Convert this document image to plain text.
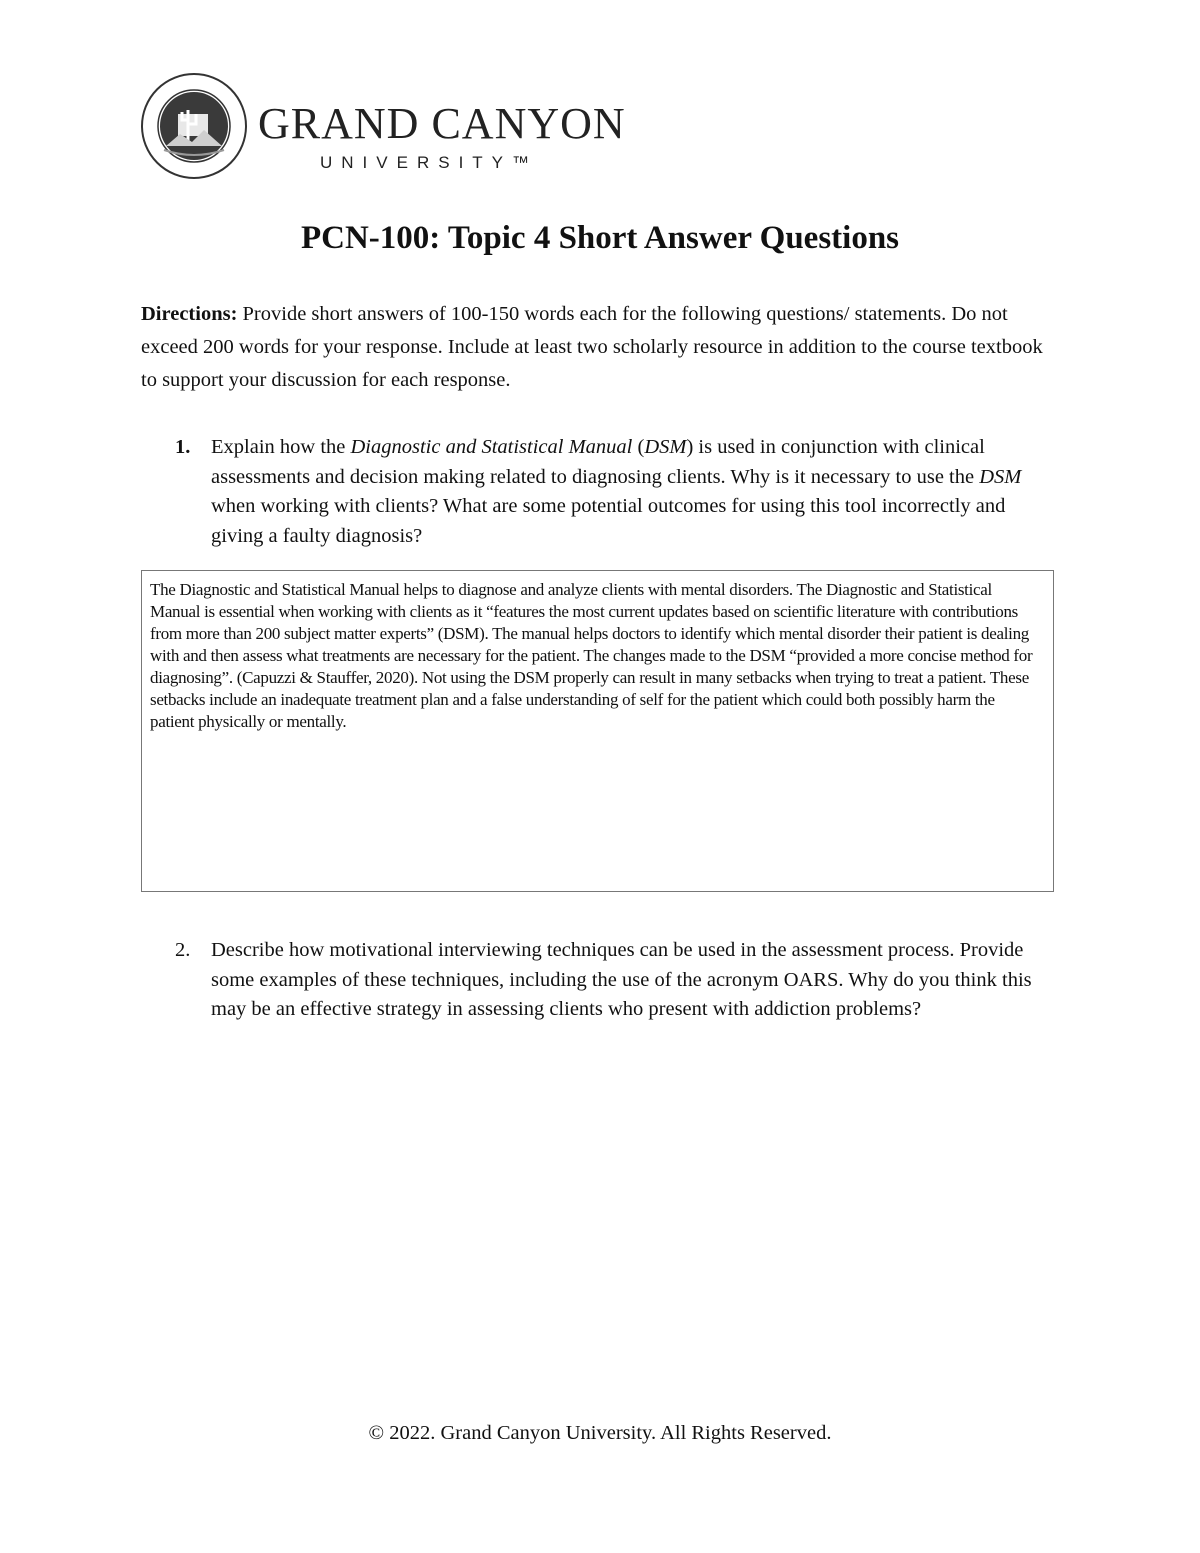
GRAND CANYON
UNIVERSITY™
PCN-100: Topic 4 Short Answer Questions
Directions: Provide short answers of 100-150 words each for the following questions/ statements. Do not exceed 200 words for your response. Include at least two scholarly resource in addition to the course textbook to support your discussion for each response.
1. Explain how the Diagnostic and Statistical Manual (DSM) is used in conjunction with clinical assessments and decision making related to diagnosing clients. Why is it necessary to use the DSM when working with clients? What are some potential outcomes for using this tool incorrectly and giving a faulty diagnosis?
The Diagnostic and Statistical Manual helps to diagnose and analyze clients with mental disorders. The Diagnostic and Statistical Manual is essential when working with clients as it “features the most current updates based on scientific literature with contributions from more than 200 subject matter experts” (DSM). The manual helps doctors to identify which mental disorder their patient is dealing with and then assess what treatments are necessary for the patient. The changes made to the DSM “provided a more concise method for diagnosing”. (Capuzzi & Stauffer, 2020). Not using the DSM properly can result in many setbacks when trying to treat a patient. These setbacks include an inadequate treatment plan and a false understanding of self for the patient which could both possibly harm the patient physically or mentally.
2. Describe how motivational interviewing techniques can be used in the assessment process. Provide some examples of these techniques, including the use of the acronym OARS. Why do you think this may be an effective strategy in assessing clients who present with addiction problems?
© 2022. Grand Canyon University. All Rights Reserved.
